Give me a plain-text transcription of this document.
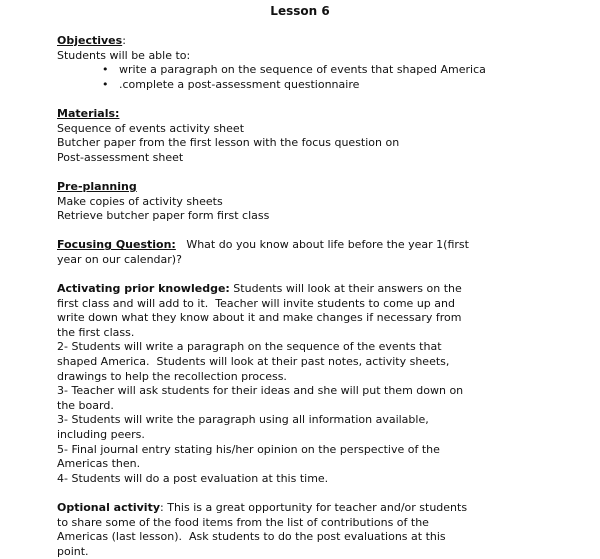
Lesson 6
Objectives:
Students will be able to:
• write a paragraph on the sequence of events that shaped America
• .complete a post-assessment questionnaire
Materials:
Sequence of events activity sheet
Butcher paper from the first lesson with the focus question on
Post-assessment sheet
Pre-planning
Make copies of activity sheets
Retrieve butcher paper form first class
Focusing Question:   What do you know about life before the year 1(first
year on our calendar)?
Activating prior knowledge: Students will look at their answers on the
first class and will add to it.  Teacher will invite students to come up and
write down what they know about it and make changes if necessary from
the first class.
2- Students will write a paragraph on the sequence of the events that
shaped America.  Students will look at their past notes, activity sheets,
drawings to help the recollection process.
3- Teacher will ask students for their ideas and she will put them down on
the board.
3- Students will write the paragraph using all information available,
including peers.
5- Final journal entry stating his/her opinion on the perspective of the
Americas then.
4- Students will do a post evaluation at this time.
Optional activity: This is a great opportunity for teacher and/or students
to share some of the food items from the list of contributions of the
Americas (last lesson).  Ask students to do the post evaluations at this
point.
